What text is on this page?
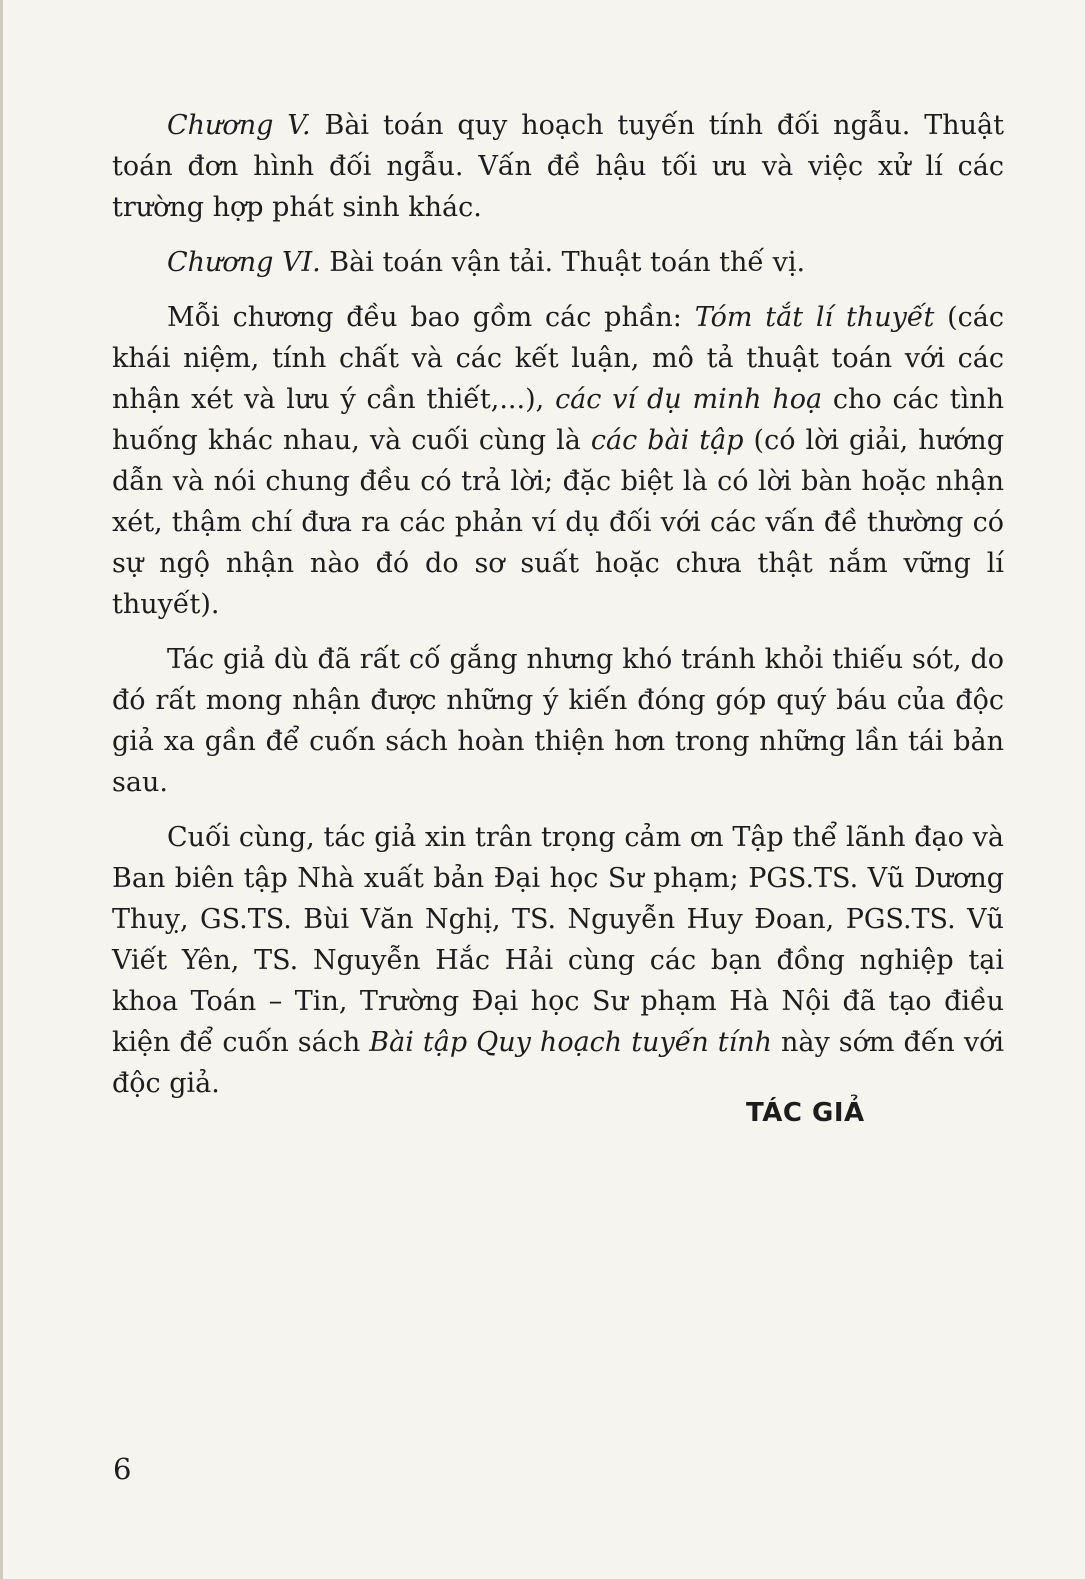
Chương V. Bài toán quy hoạch tuyến tính đối ngẫu. Thuật toán đơn hình đối ngẫu. Vấn đề hậu tối ưu và việc xử lí các trường hợp phát sinh khác.

Chương VI. Bài toán vận tải. Thuật toán thế vị.

Mỗi chương đều bao gồm các phần: Tóm tắt lí thuyết (các khái niệm, tính chất và các kết luận, mô tả thuật toán với các nhận xét và lưu ý cần thiết,...), các ví dụ minh hoạ cho các tình huống khác nhau, và cuối cùng là các bài tập (có lời giải, hướng dẫn và nói chung đều có trả lời; đặc biệt là có lời bàn hoặc nhận xét, thậm chí đưa ra các phản ví dụ đối với các vấn đề thường có sự ngộ nhận nào đó do sơ suất hoặc chưa thật nắm vững lí thuyết).

Tác giả dù đã rất cố gắng nhưng khó tránh khỏi thiếu sót, do đó rất mong nhận được những ý kiến đóng góp quý báu của độc giả xa gần để cuốn sách hoàn thiện hơn trong những lần tái bản sau.

Cuối cùng, tác giả xin trân trọng cảm ơn Tập thể lãnh đạo và Ban biên tập Nhà xuất bản Đại học Sư phạm; PGS.TS. Vũ Dương Thuỵ, GS.TS. Bùi Văn Nghị, TS. Nguyễn Huy Đoan, PGS.TS. Vũ Viết Yên, TS. Nguyễn Hắc Hải cùng các bạn đồng nghiệp tại khoa Toán – Tin, Trường Đại học Sư phạm Hà Nội đã tạo điều kiện để cuốn sách Bài tập Quy hoạch tuyến tính này sớm đến với độc giả.

TÁC GIẢ
6
